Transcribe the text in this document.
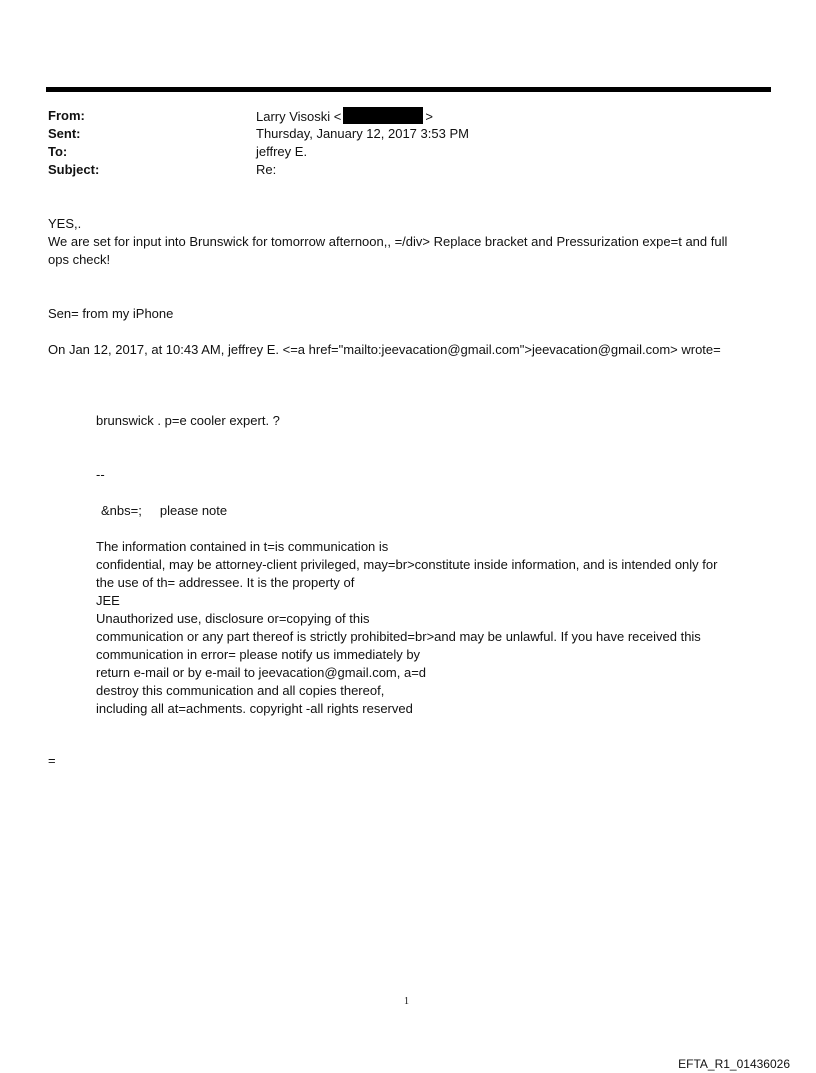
From:	Larry Visoski <	>
Sent:	Thursday, January 12, 2017 3:53 PM
To:	jeffrey E.
Subject:	Re:
YES,.
We are set for input into Brunswick for tomorrow afternoon,, =/div> Replace bracket and Pressurization expe=t and full
ops check!
Sen= from my iPhone
On Jan 12, 2017, at 10:43 AM, jeffrey E. <=a href="mailto:jeevacation@gmail.com">jeevacation@gmail.com> wrote=
brunswick . p=e cooler expert. ?
--
&nbs=;     please note
The information contained in t=is communication is
confidential, may be attorney-client privileged, may=br>constitute inside information, and is intended only for
the use of th= addressee. It is the property of
JEE
Unauthorized use, disclosure or=copying of this
communication or any part thereof is strictly prohibited=br>and may be unlawful. If you have received this
communication in error= please notify us immediately by
return e-mail or by e-mail to jeevacation@gmail.com, a=d
destroy this communication and all copies thereof,
including all at=achments. copyright -all rights reserved
=
1
EFTA_R1_01436026
